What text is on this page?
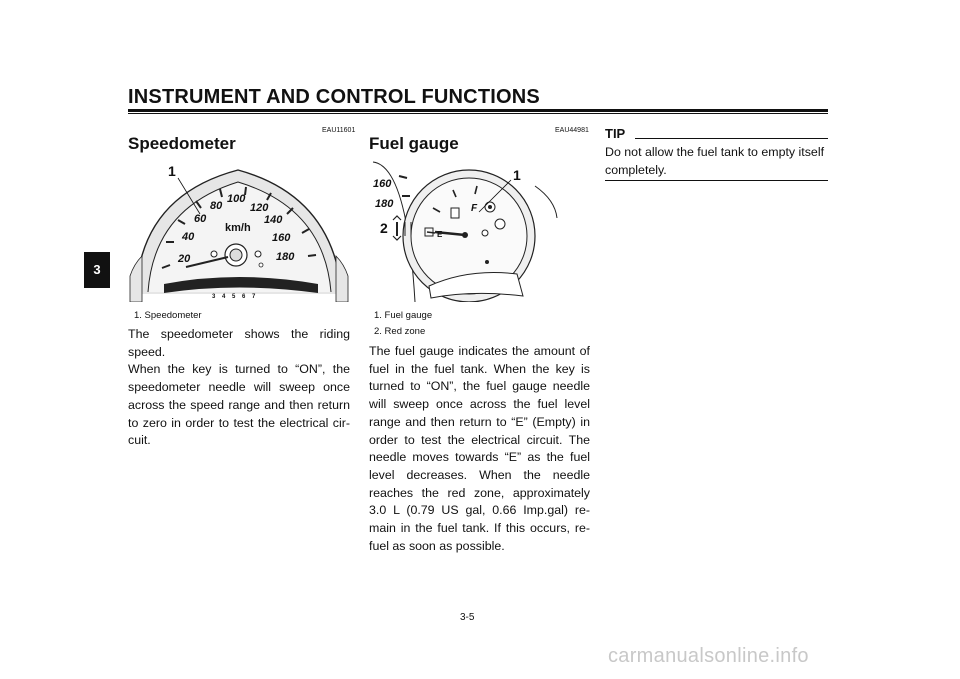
INSTRUMENT AND CONTROL FUNCTIONS
3
EAU11601
Speedometer
20
40
60
80
100
120
140
160
180
km/h
3 4 5 6 7
1
1. Speedometer
The speedometer shows the riding speed.
When the key is turned to “ON”, the speedometer needle will sweep once across the speed range and then return to zero in order to test the electrical cir-cuit.
EAU44981
Fuel gauge
160
180	F
E
2
1
1. Fuel gauge
2. Red zone
The fuel gauge indicates the amount of fuel in the fuel tank. When the key is turned to “ON”, the fuel gauge needle will sweep once across the fuel level range and then return to “E” (Empty) in order to test the electrical circuit. The needle moves towards “E” as the fuel level decreases. When the needle reaches the red zone, approximately 3.0 L (0.79 US gal, 0.66 Imp.gal) re-main in the fuel tank. If this occurs, re-fuel as soon as possible.
TIP
Do not allow the fuel tank to empty itself completely.
3-5
carmanualsonline.info
